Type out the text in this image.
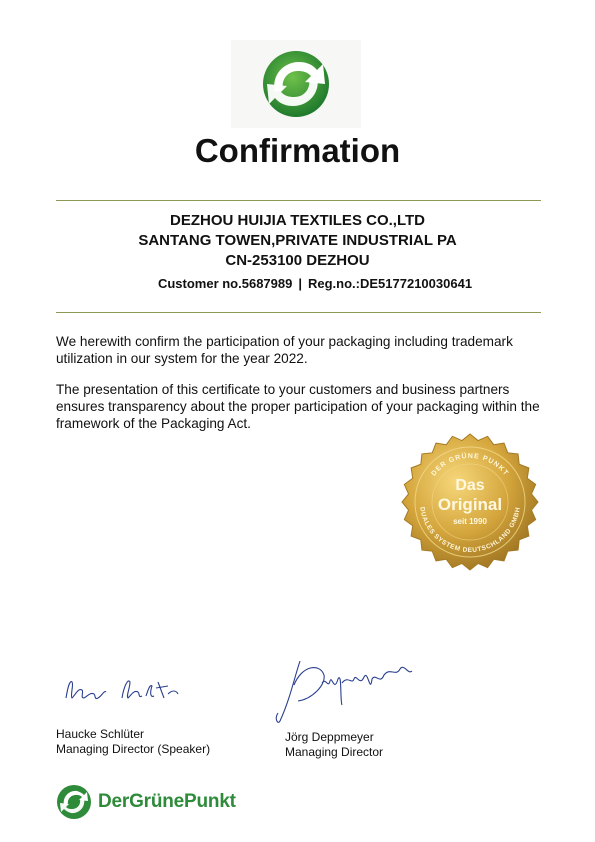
Confirmation
DEZHOU HUIJIA TEXTILES CO.,LTD
SANTANG TOWEN,PRIVATE INDUSTRIAL PA
CN-253100 DEZHOU
Customer no.5687989 | Reg.no.:DE5177210030641

We herewith confirm the participation of your packaging including trademark utilization in our system for the year 2022.

The presentation of this certificate to your customers and business partners ensures transparency about the proper participation of your packaging within the framework of the Packaging Act.

DER GRÜNE PUNKT
DUALES SYSTEM DEUTSCHLAND GMBH
Das
Original
seit 1990
Haucke Schlüter
Managing Director (Speaker)
Jörg Deppmeyer
Managing Director
DerGrünePunkt
